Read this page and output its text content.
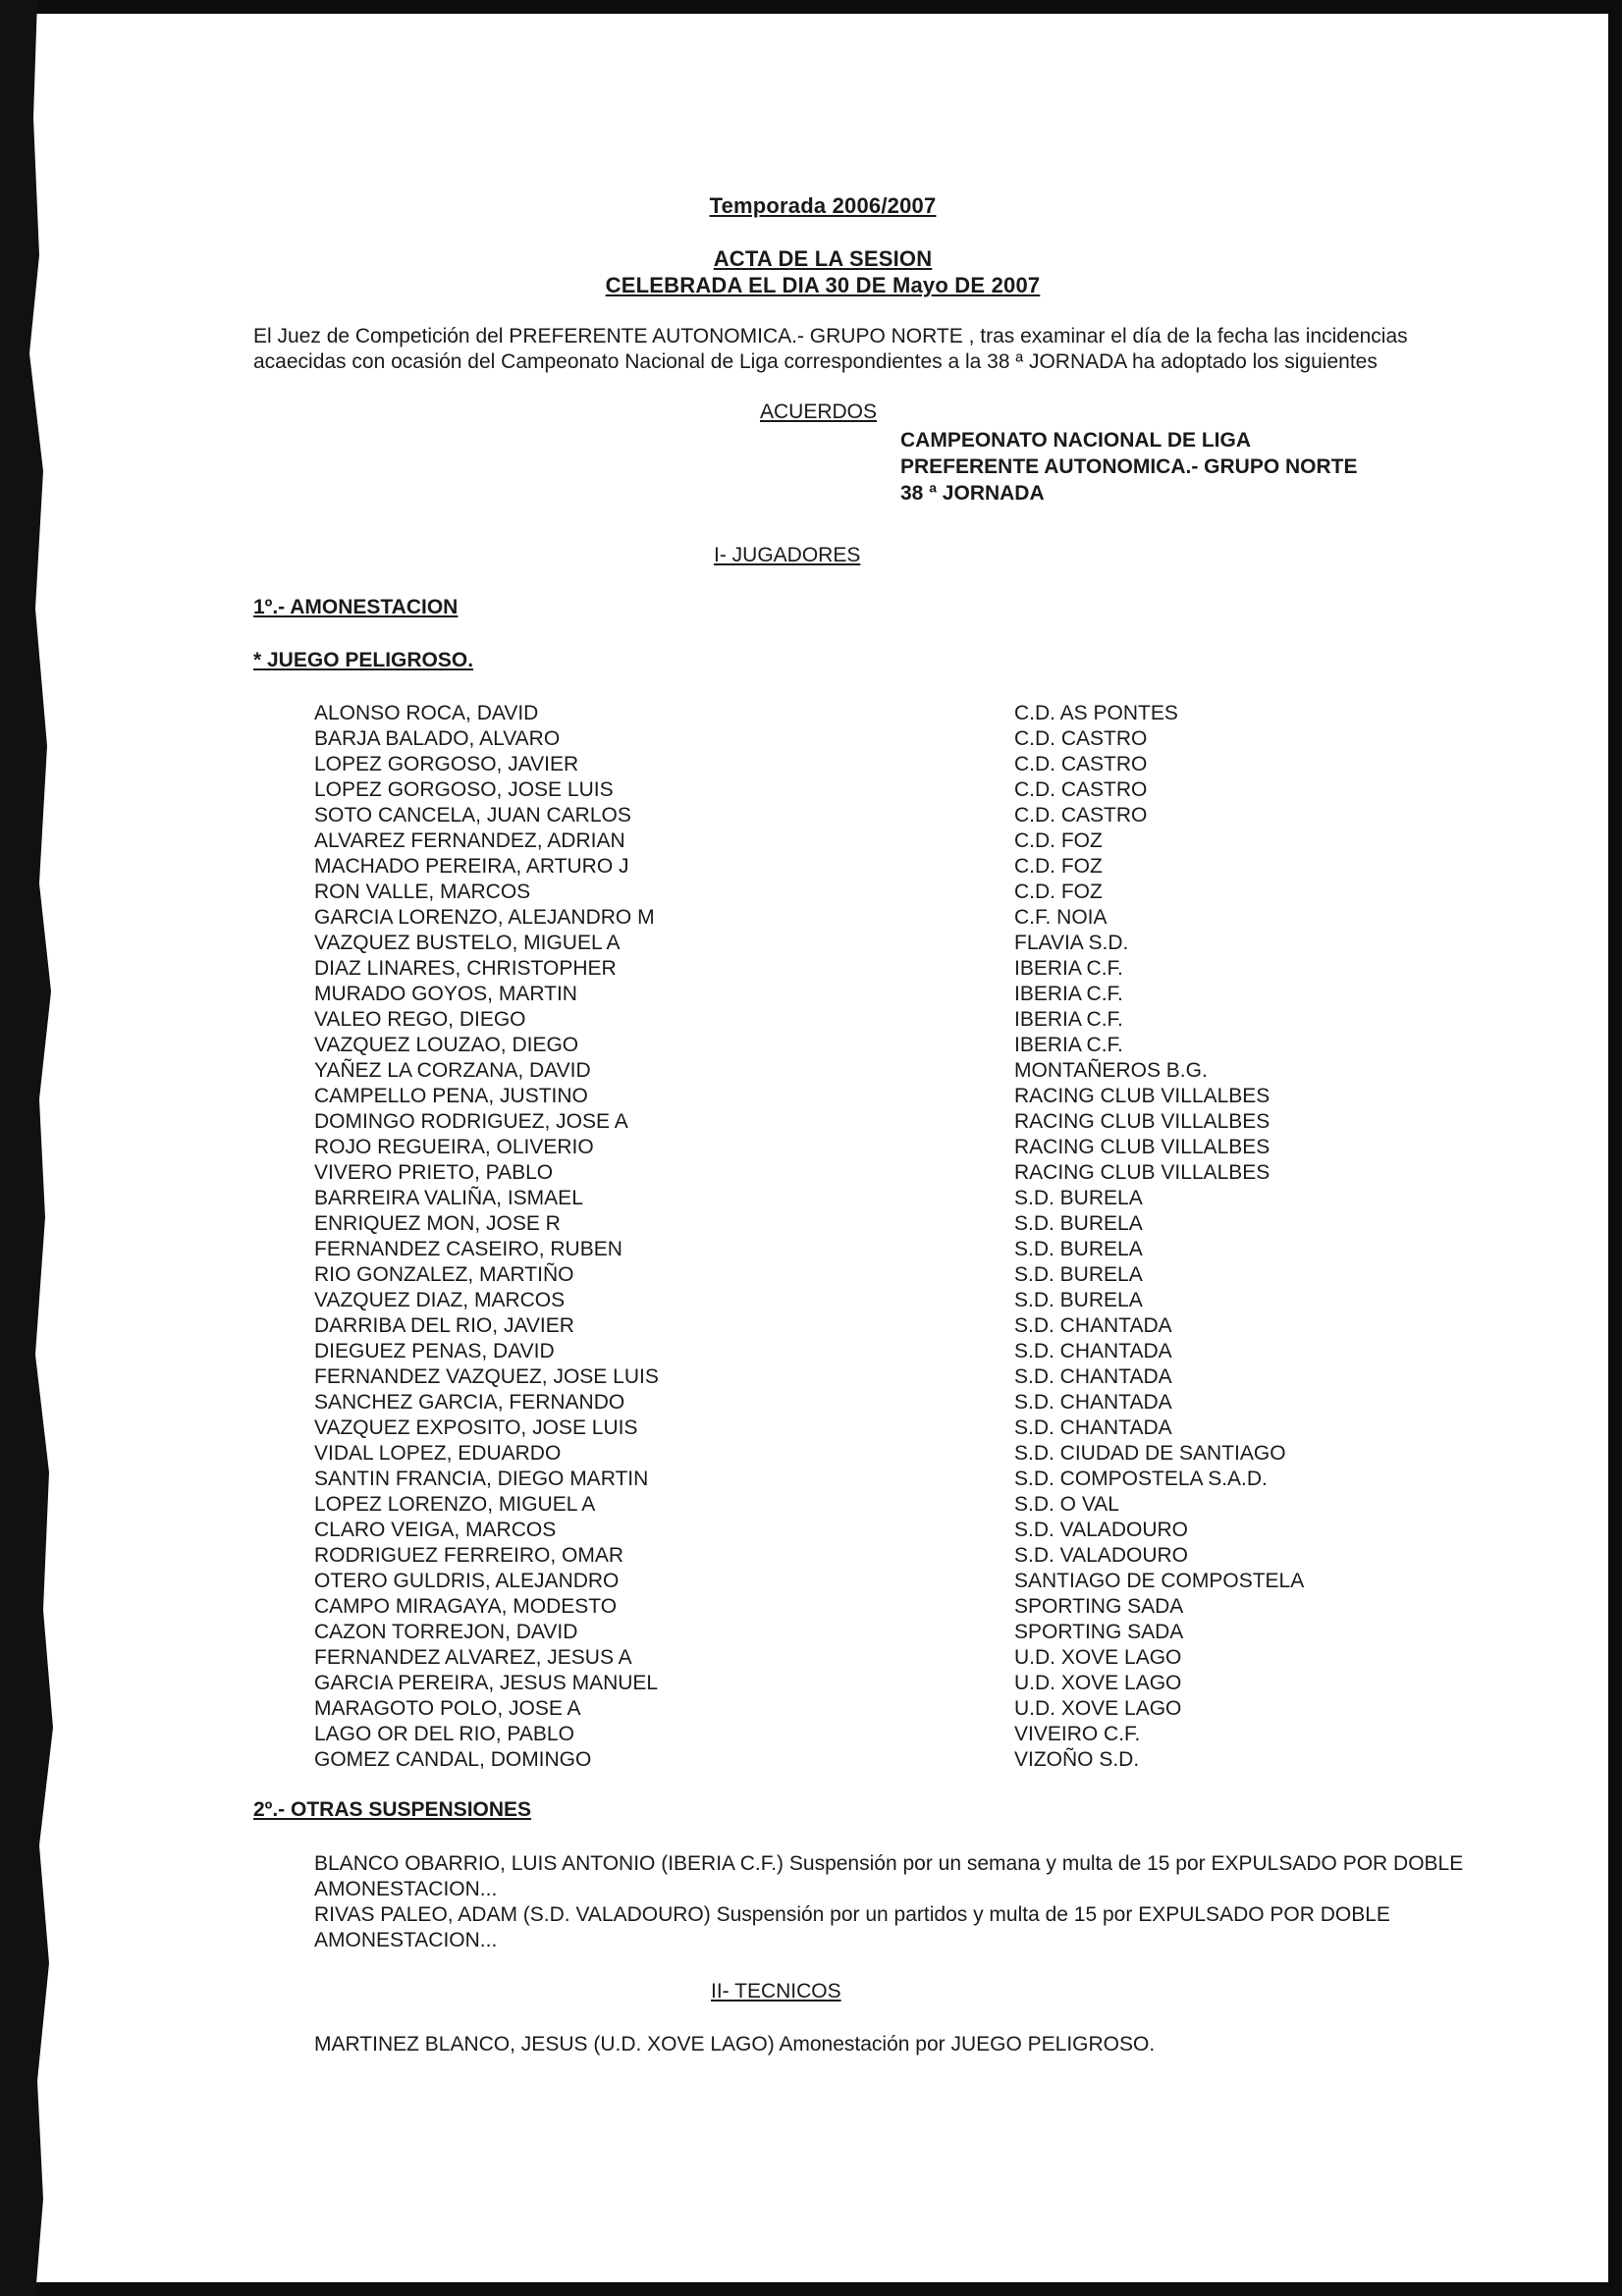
Temporada 2006/2007
ACTA DE LA SESION
CELEBRADA EL DIA 30 DE Mayo DE 2007
El Juez de Competición del PREFERENTE AUTONOMICA.- GRUPO NORTE , tras examinar el día de la fecha las incidencias acaecidas con ocasión del Campeonato Nacional de Liga correspondientes a la 38 ª JORNADA ha adoptado los siguientes
ACUERDOS
CAMPEONATO NACIONAL DE LIGA
PREFERENTE AUTONOMICA.- GRUPO NORTE
38 ª JORNADA
I- JUGADORES
1º.- AMONESTACION
* JUEGO PELIGROSO.
ALONSO ROCA, DAVID	C.D. AS PONTES
BARJA BALADO, ALVARO	C.D. CASTRO
LOPEZ GORGOSO, JAVIER	C.D. CASTRO
LOPEZ GORGOSO, JOSE LUIS	C.D. CASTRO
SOTO CANCELA, JUAN CARLOS	C.D. CASTRO
ALVAREZ FERNANDEZ, ADRIAN	C.D. FOZ
MACHADO PEREIRA, ARTURO J	C.D. FOZ
RON VALLE, MARCOS	C.D. FOZ
GARCIA LORENZO, ALEJANDRO M	C.F. NOIA
VAZQUEZ BUSTELO, MIGUEL A	FLAVIA S.D.
DIAZ LINARES, CHRISTOPHER	IBERIA C.F.
MURADO GOYOS, MARTIN	IBERIA C.F.
VALEO REGO, DIEGO	IBERIA C.F.
VAZQUEZ LOUZAO, DIEGO	IBERIA C.F.
YAÑEZ LA CORZANA, DAVID	MONTAÑEROS B.G.
CAMPELLO PENA, JUSTINO	RACING CLUB VILLALBES
DOMINGO RODRIGUEZ, JOSE A	RACING CLUB VILLALBES
ROJO REGUEIRA, OLIVERIO	RACING CLUB VILLALBES
VIVERO PRIETO, PABLO	RACING CLUB VILLALBES
BARREIRA VALIÑA, ISMAEL	S.D. BURELA
ENRIQUEZ MON, JOSE R	S.D. BURELA
FERNANDEZ CASEIRO, RUBEN	S.D. BURELA
RIO GONZALEZ, MARTIÑO	S.D. BURELA
VAZQUEZ DIAZ, MARCOS	S.D. BURELA
DARRIBA DEL RIO, JAVIER	S.D. CHANTADA
DIEGUEZ PENAS, DAVID	S.D. CHANTADA
FERNANDEZ VAZQUEZ, JOSE LUIS	S.D. CHANTADA
SANCHEZ GARCIA, FERNANDO	S.D. CHANTADA
VAZQUEZ EXPOSITO, JOSE LUIS	S.D. CHANTADA
VIDAL LOPEZ, EDUARDO	S.D. CIUDAD DE SANTIAGO
SANTIN FRANCIA, DIEGO MARTIN	S.D. COMPOSTELA S.A.D.
LOPEZ LORENZO, MIGUEL A	S.D. O VAL
CLARO VEIGA, MARCOS	S.D. VALADOURO
RODRIGUEZ FERREIRO, OMAR	S.D. VALADOURO
OTERO GULDRIS, ALEJANDRO	SANTIAGO DE COMPOSTELA
CAMPO MIRAGAYA, MODESTO	SPORTING SADA
CAZON TORREJON, DAVID	SPORTING SADA
FERNANDEZ ALVAREZ, JESUS A	U.D. XOVE LAGO
GARCIA PEREIRA, JESUS MANUEL	U.D. XOVE LAGO
MARAGOTO POLO, JOSE A	U.D. XOVE LAGO
LAGO OR DEL RIO, PABLO	VIVEIRO C.F.
GOMEZ CANDAL, DOMINGO	VIZOÑO S.D.
2º.- OTRAS SUSPENSIONES
BLANCO OBARRIO, LUIS ANTONIO (IBERIA C.F.) Suspensión por un semana y multa de 15 por EXPULSADO POR DOBLE AMONESTACION...
RIVAS PALEO, ADAM (S.D. VALADOURO) Suspensión por un partidos y multa de 15 por EXPULSADO POR DOBLE AMONESTACION...
II- TECNICOS
MARTINEZ BLANCO, JESUS (U.D. XOVE LAGO) Amonestación por JUEGO PELIGROSO.
